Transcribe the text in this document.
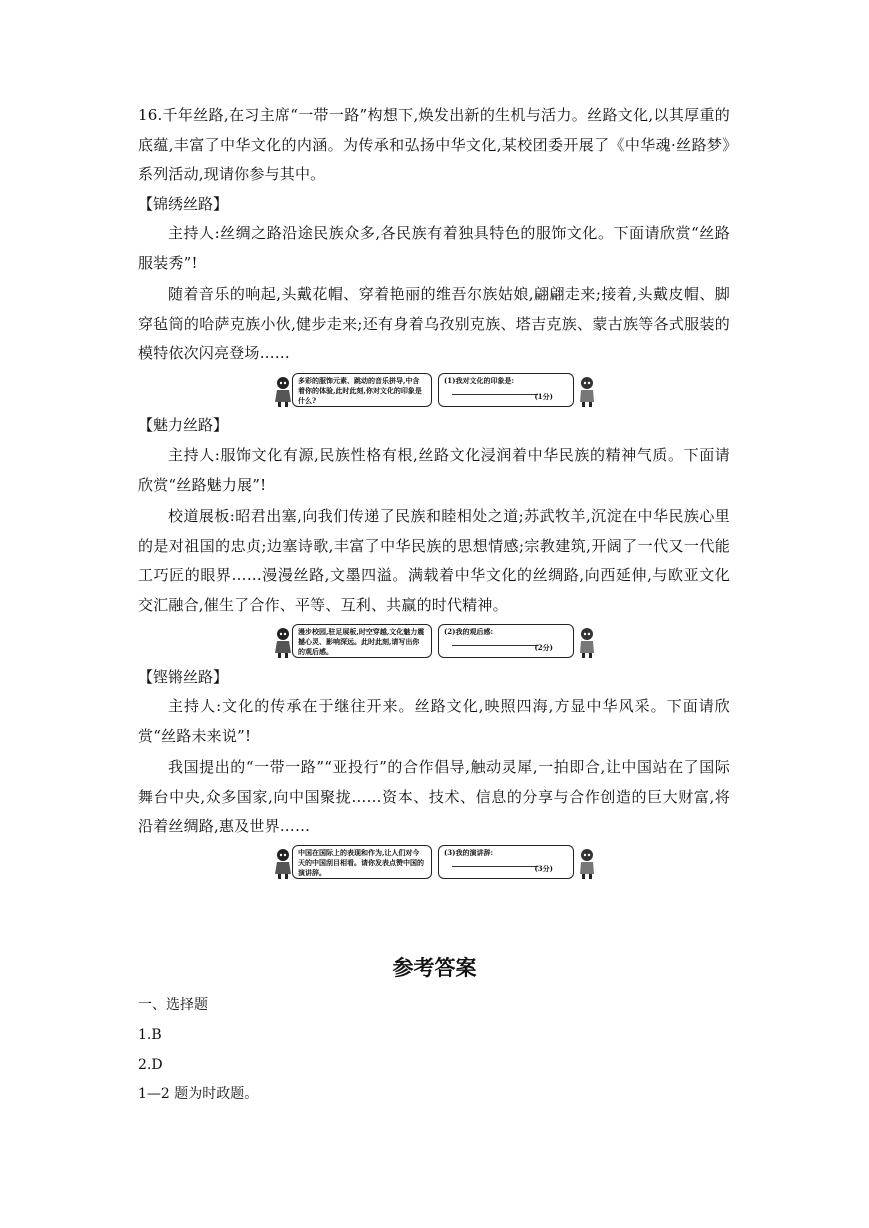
16.千年丝路,在习主席“一带一路”构想下,焕发出新的生机与活力。丝路文化,以其厚重的底蕴,丰富了中华文化的内涵。为传承和弘扬中华文化,某校团委开展了《中华魂·丝路梦》系列活动,现请你参与其中。

【锦绣丝路】

主持人:丝绸之路沿途民族众多,各民族有着独具特色的服饰文化。下面请欣赏“丝路服装秀”!

随着音乐的响起,头戴花帽、穿着艳丽的维吾尔族姑娘,翩翩走来;接着,头戴皮帽、脚穿毡筒的哈萨克族小伙,健步走来;还有身着乌孜别克族、塔吉克族、蒙古族等各式服装的模特依次闪亮登场……

多彩的服饰元素、跳动的音乐拼导,中含着你的体验,此时此刻,你对文化的印象是什么?
(1)我对文化的印象是:
(1分)

【魅力丝路】

主持人:服饰文化有源,民族性格有根,丝路文化浸润着中华民族的精神气质。下面请欣赏“丝路魅力展”!

校道展板:昭君出塞,向我们传递了民族和睦相处之道;苏武牧羊,沉淀在中华民族心里的是对祖国的忠贞;边塞诗歌,丰富了中华民族的思想情感;宗教建筑,开阔了一代又一代能工巧匠的眼界……漫漫丝路,文墨四溢。满载着中华文化的丝绸路,向西延伸,与欧亚文化交汇融合,催生了合作、平等、互利、共赢的时代精神。

漫步校园,驻足展板,时空穿越,文化魅力震撼心灵、影响深远。此时此刻,请写出你的观后感。
(2)我的观后感:
(2分)

【铿锵丝路】

主持人:文化的传承在于继往开来。丝路文化,映照四海,方显中华风采。下面请欣赏“丝路未来说”!

我国提出的“一带一路”“亚投行”的合作倡导,触动灵犀,一拍即合,让中国站在了国际舞台中央,众多国家,向中国聚拢……资本、技术、信息的分享与合作创造的巨大财富,将沿着丝绸路,惠及世界……

中国在国际上的表现和作为,让人们对今天的中国刮目相看。请你发表点赞中国的演讲辞。
(3)我的演讲辞:
(3分)
参考答案

一、选择题

1.B

2.D

1—2 题为时政题。
